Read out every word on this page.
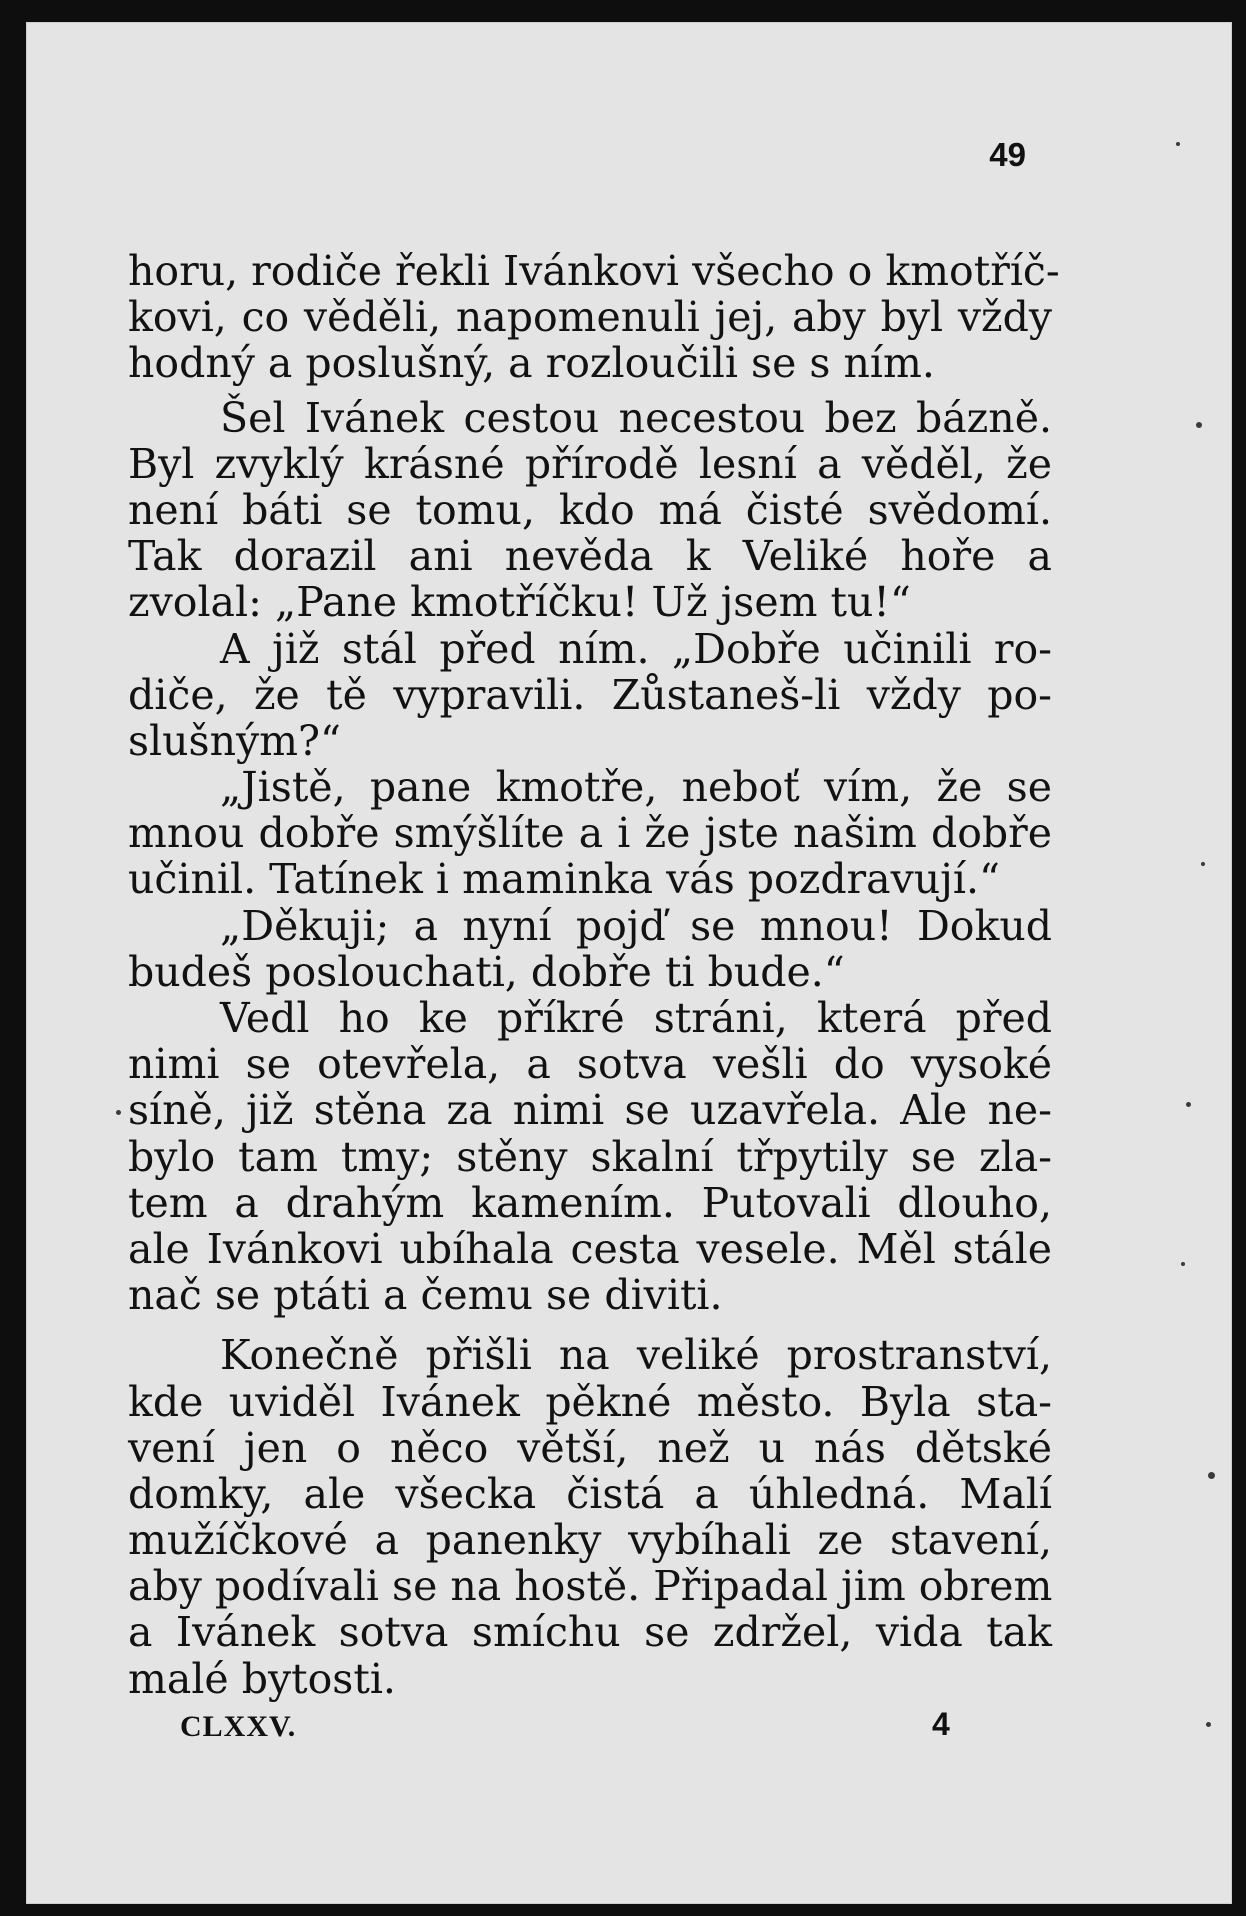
49
horu, rodiče řekli Ivánkovi všecho o kmotříč-
kovi, co věděli, napomenuli jej, aby byl vždy
hodný a poslušný, a rozloučili se s ním.
Šel Ivánek cestou necestou bez bázně.
Byl zvyklý krásné přírodě lesní a věděl, že
není báti se tomu, kdo má čisté svědomí.
Tak dorazil ani nevěda k Veliké hoře a
zvolal: „Pane kmotříčku! Už jsem tu!“
A již stál před ním. „Dobře učinili ro-
diče, že tě vypravili. Zůstaneš-li vždy po-
slušným?“
„Jistě, pane kmotře, neboť vím, že se
mnou dobře smýšlíte a i že jste našim dobře
učinil. Tatínek i maminka vás pozdravují.“
„Děkuji; a nyní pojď se mnou! Dokud
budeš poslouchati, dobře ti bude.“
Vedl ho ke příkré stráni, která před
nimi se otevřela, a sotva vešli do vysoké
síně, již stěna za nimi se uzavřela. Ale ne-
bylo tam tmy; stěny skalní třpytily se zla-
tem a drahým kamením. Putovali dlouho,
ale Ivánkovi ubíhala cesta vesele. Měl stále
nač se ptáti a čemu se diviti.
Konečně přišli na veliké prostranství,
kde uviděl Ivánek pěkné město. Byla sta-
vení jen o něco větší, než u nás dětské
domky, ale všecka čistá a úhledná. Malí
mužíčkové a panenky vybíhali ze stavení,
aby podívali se na hostě. Připadal jim obrem
a Ivánek sotva smíchu se zdržel, vida tak
malé bytosti.
CLXXV.	4
